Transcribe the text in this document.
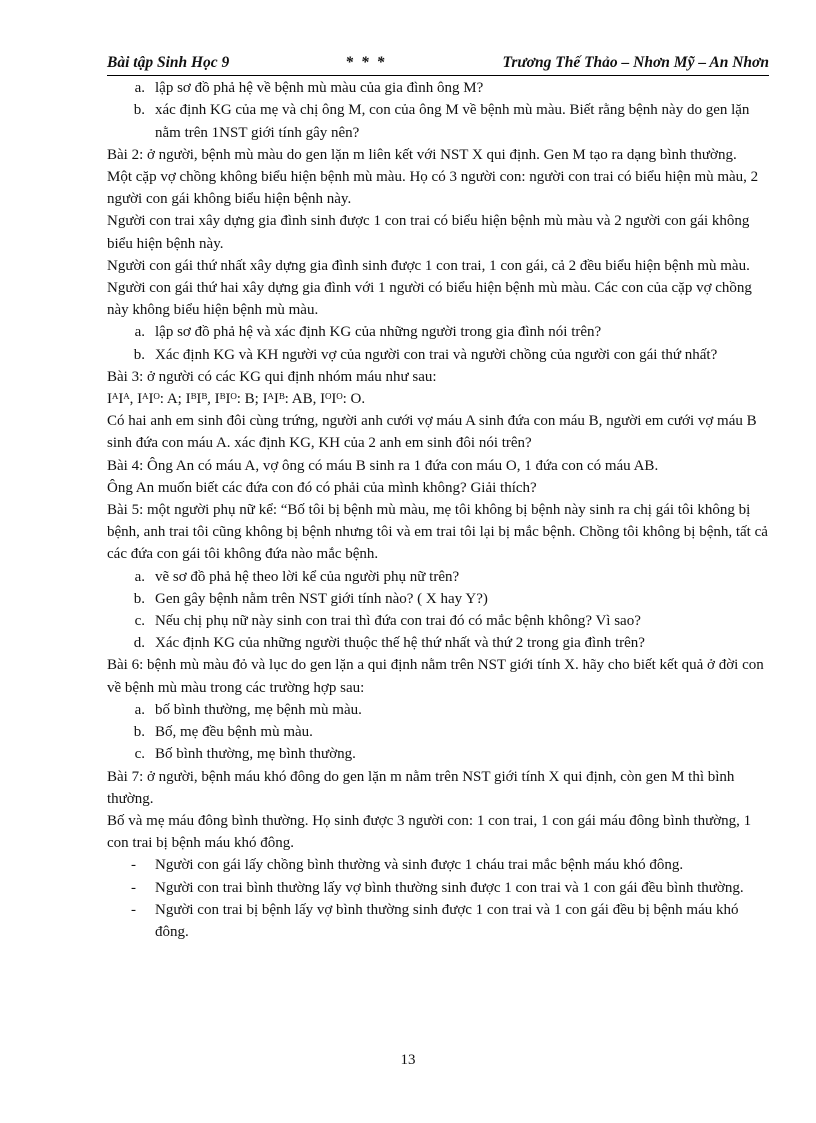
Bài tập Sinh Học 9	* * *	Trương Thế Thảo – Nhơn Mỹ – An Nhơn
a. lập sơ đồ phả hệ về bệnh mù màu của gia đình ông M?
b. xác định KG của mẹ và chị ông M, con của ông M về bệnh mù màu. Biết rằng bệnh này do gen lặn nằm trên 1NST giới tính gây nên?

Bài 2: ở người, bệnh mù màu do gen lặn m liên kết với NST X qui định. Gen M tạo ra dạng bình thường.

Một cặp vợ chồng không biểu hiện bệnh mù màu. Họ có 3 người con: người con trai có biểu hiện mù màu, 2 người con gái không biểu hiện bệnh này.

Người con trai xây dựng gia đình sinh được 1 con trai có biểu hiện bệnh mù màu và 2 người con gái không biểu hiện bệnh này.

Người con gái thứ nhất xây dựng gia đình sinh được 1 con trai, 1 con gái, cả 2 đều biểu hiện bệnh mù màu.

Người con gái thứ hai xây dựng gia đình với 1 người có biểu hiện bệnh mù màu. Các con của cặp vợ chồng này không biểu hiện bệnh mù màu.

a. lập sơ đồ phả hệ và xác định KG của những người trong gia đình nói trên?
b. Xác định KG và KH người vợ của người con trai và người chồng của người con gái thứ nhất?

Bài 3: ở người có các KG qui định nhóm máu như sau:

IᴬIᴬ, IᴬIᴼ: A; IᴮIᴮ, IᴮIᴼ: B; IᴬIᴮ: AB, IᴼIᴼ: O.

Có hai anh em sinh đôi cùng trứng, người anh cưới vợ máu A sinh đứa con máu B, người em cưới vợ máu B sinh đứa con máu A. xác định KG, KH của 2 anh em sinh đôi nói trên?

Bài 4: Ông An có máu A, vợ ông có máu B sinh ra 1 đứa con máu O, 1 đứa con có máu AB.

Ông An muốn biết các đứa con đó có phải của mình không? Giải thích?

Bài 5: một người phụ nữ kể: “Bố tôi bị bệnh mù màu, mẹ tôi không bị bệnh này sinh ra chị gái tôi không bị bệnh, anh trai tôi cũng không bị bệnh nhưng tôi và em trai tôi lại bị mắc bệnh. Chồng tôi không bị bệnh, tất cả các đứa con gái tôi không đứa nào mắc bệnh.

a. vẽ sơ đồ phả hệ theo lời kể của người phụ nữ trên?
b. Gen gây bệnh nằm trên NST giới tính nào? ( X hay Y?)
c. Nếu chị phụ nữ này sinh con trai thì đứa con trai đó có mắc bệnh không? Vì sao?
d. Xác định KG của những người thuộc thế hệ thứ nhất và thứ 2 trong gia đình trên?

Bài 6: bệnh mù màu đỏ và lục do gen lặn a qui định nằm trên NST giới tính X. hãy cho biết kết quả ở đời con về bệnh mù màu trong các trường hợp sau:

a. bố bình thường, mẹ bệnh mù màu.
b. Bố, mẹ đều bệnh mù màu.
c. Bố bình thường, mẹ bình thường.

Bài 7: ở người, bệnh máu khó đông do gen lặn m nằm trên NST giới tính X qui định, còn gen M thì bình thường.

Bố và mẹ máu đông bình thường. Họ sinh được 3 người con: 1 con trai, 1 con gái máu đông bình thường, 1 con trai bị bệnh máu khó đông.

-	Người con gái lấy chồng bình thường và sinh được 1 cháu trai mắc bệnh máu khó đông.
-	Người con trai bình thường lấy vợ bình thường sinh được 1 con trai và 1 con gái đều bình thường.
-	Người con trai bị bệnh lấy vợ bình thường sinh được 1 con trai và 1 con gái đều bị bệnh máu khó đông.
13
